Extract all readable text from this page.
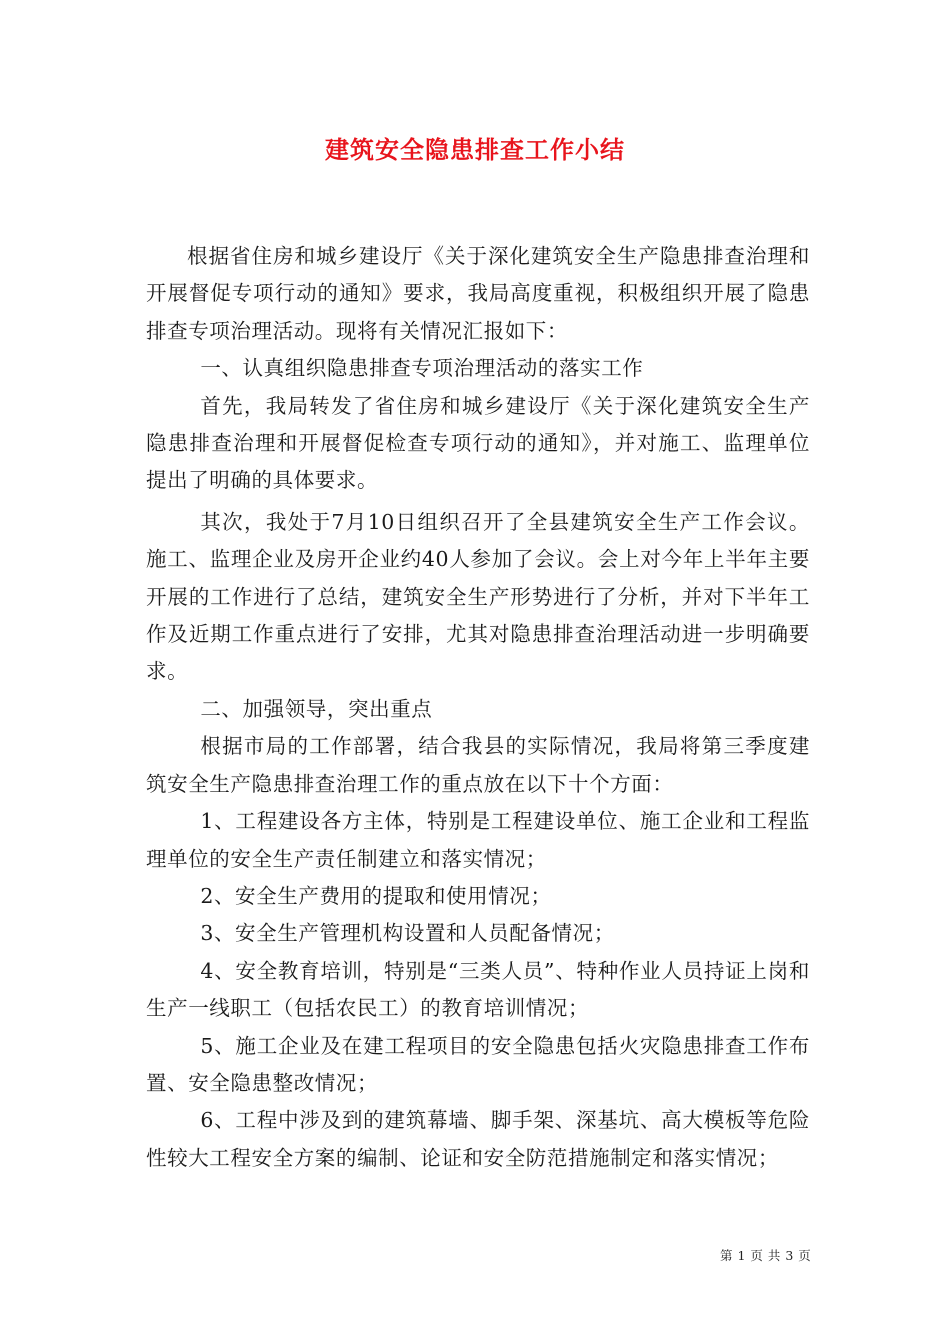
建筑安全隐患排查工作小结

根据省住房和城乡建设厅《关于深化建筑安全生产隐患排查治理和开展督促专项行动的通知》要求，我局高度重视，积极组织开展了隐患排查专项治理活动。现将有关情况汇报如下：

一、认真组织隐患排查专项治理活动的落实工作

首先，我局转发了省住房和城乡建设厅《关于深化建筑安全生产隐患排查治理和开展督促检查专项行动的通知》，并对施工、监理单位提出了明确的具体要求。

其次，我处于7月10日组织召开了全县建筑安全生产工作会议。施工、监理企业及房开企业约40人参加了会议。会上对今年上半年主要开展的工作进行了总结，建筑安全生产形势进行了分析，并对下半年工作及近期工作重点进行了安排，尤其对隐患排查治理活动进一步明确要求。

二、加强领导，突出重点

根据市局的工作部署，结合我县的实际情况，我局将第三季度建筑安全生产隐患排查治理工作的重点放在以下十个方面：

1、工程建设各方主体，特别是工程建设单位、施工企业和工程监理单位的安全生产责任制建立和落实情况；

2、安全生产费用的提取和使用情况；

3、安全生产管理机构设置和人员配备情况；

4、安全教育培训，特别是“三类人员”、特种作业人员持证上岗和生产一线职工（包括农民工）的教育培训情况；

5、施工企业及在建工程项目的安全隐患包括火灾隐患排查工作布置、安全隐患整改情况；

6、工程中涉及到的建筑幕墙、脚手架、深基坑、高大模板等危险性较大工程安全方案的编制、论证和安全防范措施制定和落实情况；

第 1 页 共 3 页
